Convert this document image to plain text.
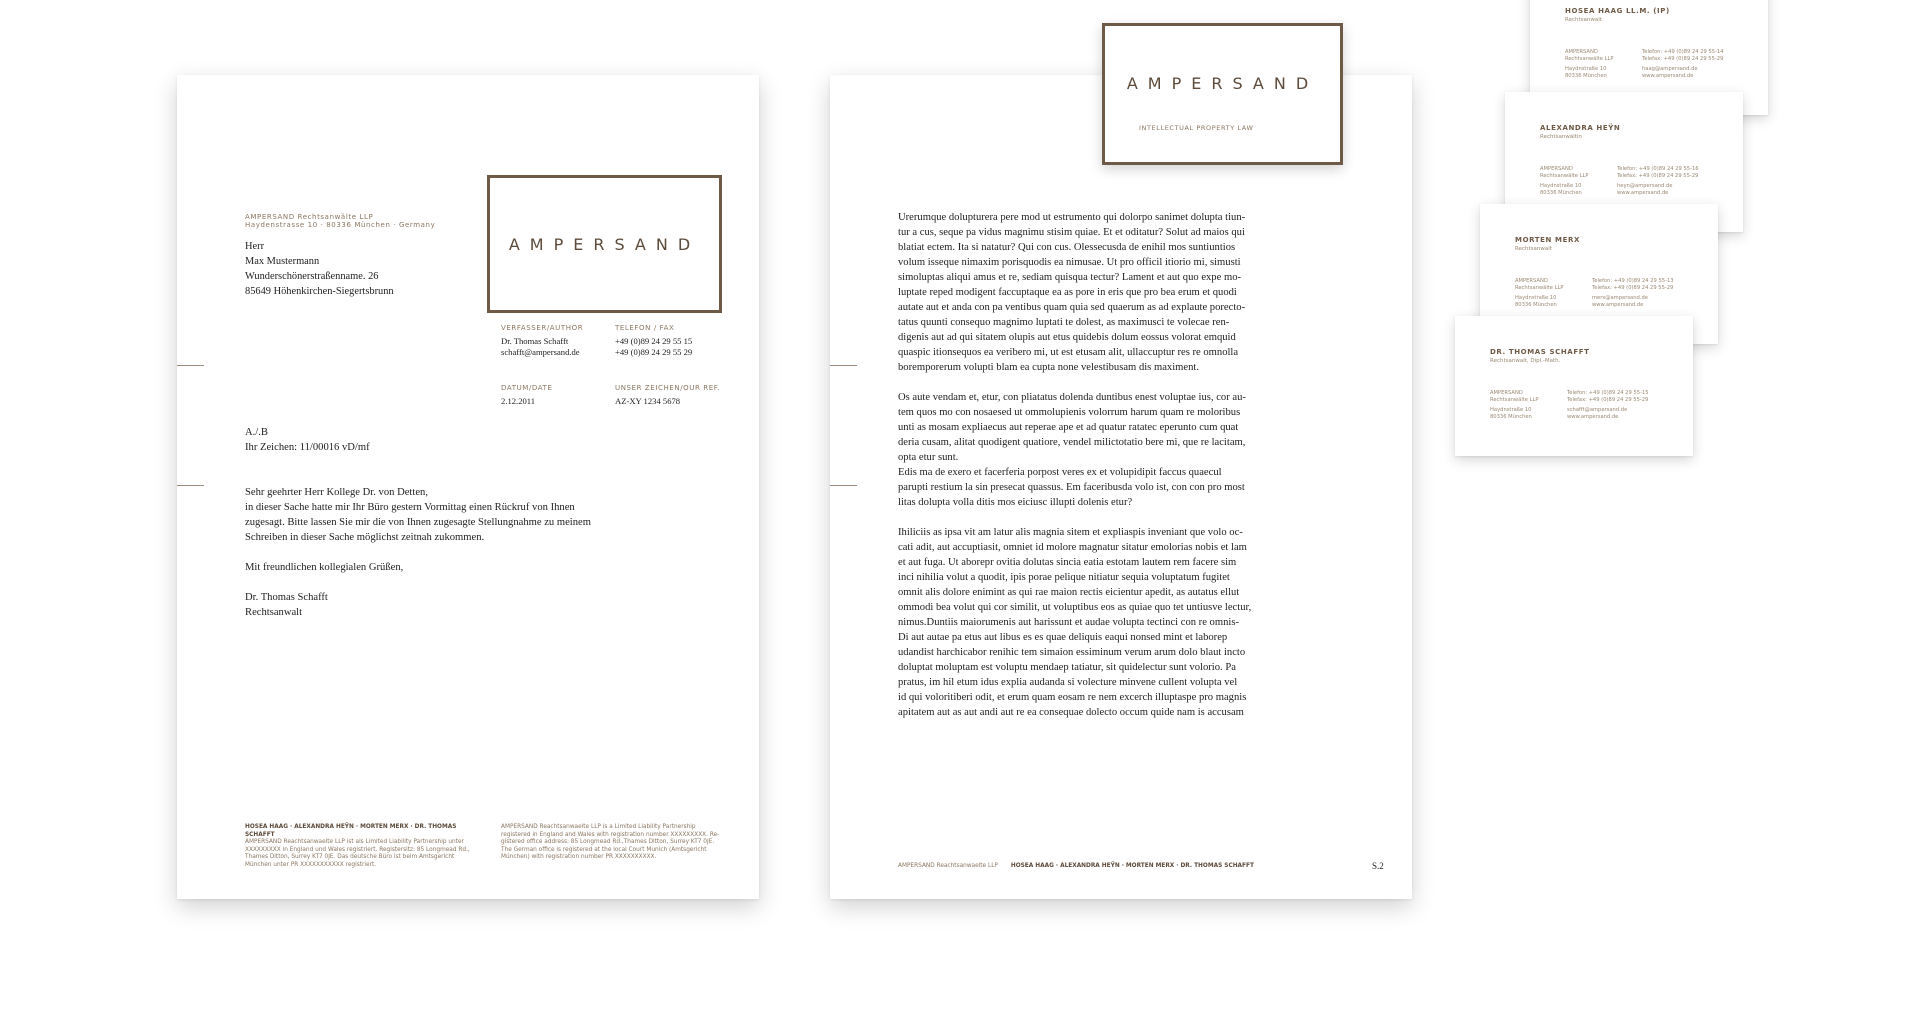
AMPERSAND Rechtsanwälte LLP
Haydenstrasse 10 · 80336 München · Germany
AMPERSAND
Herr
Max Mustermann
Wunderschönerstraßenname. 26
85649 Höhenkirchen-Siegertsbrunn
VERFASSER/AUTHOR
Dr. Thomas Schafft
schafft@ampersand.de
TELEFON / FAX
+49 (0)89 24 29 55 15
+49 (0)89 24 29 55 29
DATUM/DATE
2.12.2011
UNSER ZEICHEN/OUR REF.
AZ-XY 1234 5678
A./.B
Ihr Zeichen: 11/00016 vD/mf
Sehr geehrter Herr Kollege Dr. von Detten,
in dieser Sache hatte mir Ihr Büro gestern Vormittag einen Rückruf von Ihnen
zugesagt. Bitte lassen Sie mir die von Ihnen zugesagte Stellungnahme zu meinem
Schreiben in dieser Sache möglichst zeitnah zukommen.
Mit freundlichen kollegialen Grüßen,
Dr. Thomas Schafft
Rechtsanwalt
HOSEA HAAG · ALEXANDRA HEŸN · MORTEN MERX · DR. THOMAS SCHAFFT
AMPERSAND Reachtsanwaelte LLP ist als Limited Liability Partnership unter
XXXXXXXXX in England und Wales registriert. Registersitz: 85 Longmead Rd.,
Thames Ditton, Surrey KT7 0JE. Das deutsche Büro ist beim Amtsgericht
München unter PR XXXXXXXXXXX registriert.
AMPERSAND Reachtsanwaelte LLP is a Limited Liability Partnership
registered in England and Wales with registration number XXXXXXXXX. Re-
gistered office address: 85 Longmead Rd.,Thames Ditton, Surrey KT7 0JE.
The German office is registered at the local Court Munich (Amtsgericht
München) with registration number PR XXXXXXXXXX.
Urerumque dolupturera pere mod ut estrumento qui dolorpo sanimet dolupta tiun-
tur a cus, seque pa vidus magnimu stisim quiae. Et et oditatur? Solut ad maios qui
blatiat ectem. Ita si natatur? Qui con cus. Olessecusda de enihil mos suntiuntios
volum isseque nimaxim porisquodis ea nimusae. Ut pro officil itiorio mi, simusti
simoluptas aliqui amus et re, sediam quisqua tectur? Lament et aut quo expe mo-
luptate reped modigent faccuptaque ea as pore in eris que pro bea erum et quodi
autate aut et anda con pa ventibus quam quia sed quaerum as ad explaute porecto-
tatus quunti consequo magnimo luptati te dolest, as maximusci te volecae ren-
digenis aut ad qui sitatem olupis aut etus quidebis dolum eossus volorat emquid
quaspic itionsequos ea veribero mi, ut est etusam alit, ullaccuptur res re omnolla
boremporerum volupti blam ea cupta none velestibusam dis maximent.
Os aute vendam et, etur, con pliatatus dolenda duntibus enest voluptae ius, cor au-
tem quos mo con nosaesed ut ommolupienis volorrum harum quam re moloribus
unti as mosam expliaecus aut reperae ape et ad quatur ratatec eperunto cum quat
deria cusam, alitat quodigent quatiore, vendel milictotatio bere mi, que re lacitam,
opta etur sunt.
Edis ma de exero et facerferia porpost veres ex et volupidipit faccus quaecul
parupti restium la sin presecat quassus. Em faceribusda volo ist, con con pro most
litas dolupta volla ditis mos eiciusc illupti dolenis etur?
Ihiliciis as ipsa vit am latur alis magnia sitem et expliaspis inveniant que volo oc-
cati adit, aut accuptiasit, omniet id molore magnatur sitatur emolorias nobis et lam
et aut fuga. Ut aborepr ovitia dolutas sincia eatia estotam lautem rem facere sim
inci nihilia volut a quodit, ipis porae pelique nitiatur sequia voluptatum fugitet
omnit alis dolore enimint as qui rae maion rectis eicientur apedit, as autatus ellut
ommodi bea volut qui cor similit, ut voluptibus eos as quiae quo tet untiusve lectur,
nimus.Duntiis maiorumenis aut harissunt et audae volupta tectinci con re omnis-
Di aut autae pa etus aut libus es es quae deliquis eaqui nonsed mint et laborep
udandist harchicabor renihic tem simaion essiminum verum arum dolo blaut incto
doluptat moluptam est voluptu mendaep tatiatur, sit quidelectur sunt volorio. Pa
pratus, im hil etum idus explia audanda si volecture minvene cullent volupta vel
id qui voloritiberi odit, et erum quam eosam re nem excerch illuptaspe pro magnis
apitatem aut as aut andi aut re ea consequae dolecto occum quide nam is accusam
AMPERSAND Reachtsanwaelte LLP HOSEA HAAG · ALEXANDRA HEŸN · MORTEN MERX · DR. THOMAS SCHAFFT	S.2
AMPERSAND
INTELLECTUAL PROPERTY LAW
HOSEA HAAG LL.M. (IP)
Rechtsanwalt
AMPERSAND
Rechtsanwälte LLP
Haydnstraße 10
80336 München
Telefon: +49 (0)89 24 29 55-14
Telefax: +49 (0)89 24 29 55-29
haag@ampersand.de
www.ampersand.de
ALEXANDRA HEŸN
Rechtsanwältin
AMPERSAND
Rechtsanwälte LLP
Haydnstraße 10
80336 München
Telefon: +49 (0)89 24 29 55-16
Telefax: +49 (0)89 24 29 55-29
heyn@ampersand.de
www.ampersand.de
MORTEN MERX
Rechtsanwalt
AMPERSAND
Rechtsanwälte LLP
Haydnstraße 10
80336 München
Telefon: +49 (0)89 24 29 55-13
Telefax: +49 (0)89 24 29 55-29
merx@ampersand.de
www.ampersand.de
DR. THOMAS SCHAFFT
Rechtsanwalt, Dipl.-Math.
AMPERSAND
Rechtsanwälte LLP
Haydnstraße 10
80336 München
Telefon: +49 (0)89 24 29 55-15
Telefax: +49 (0)89 24 29 55-29
schafft@ampersand.de
www.ampersand.de
